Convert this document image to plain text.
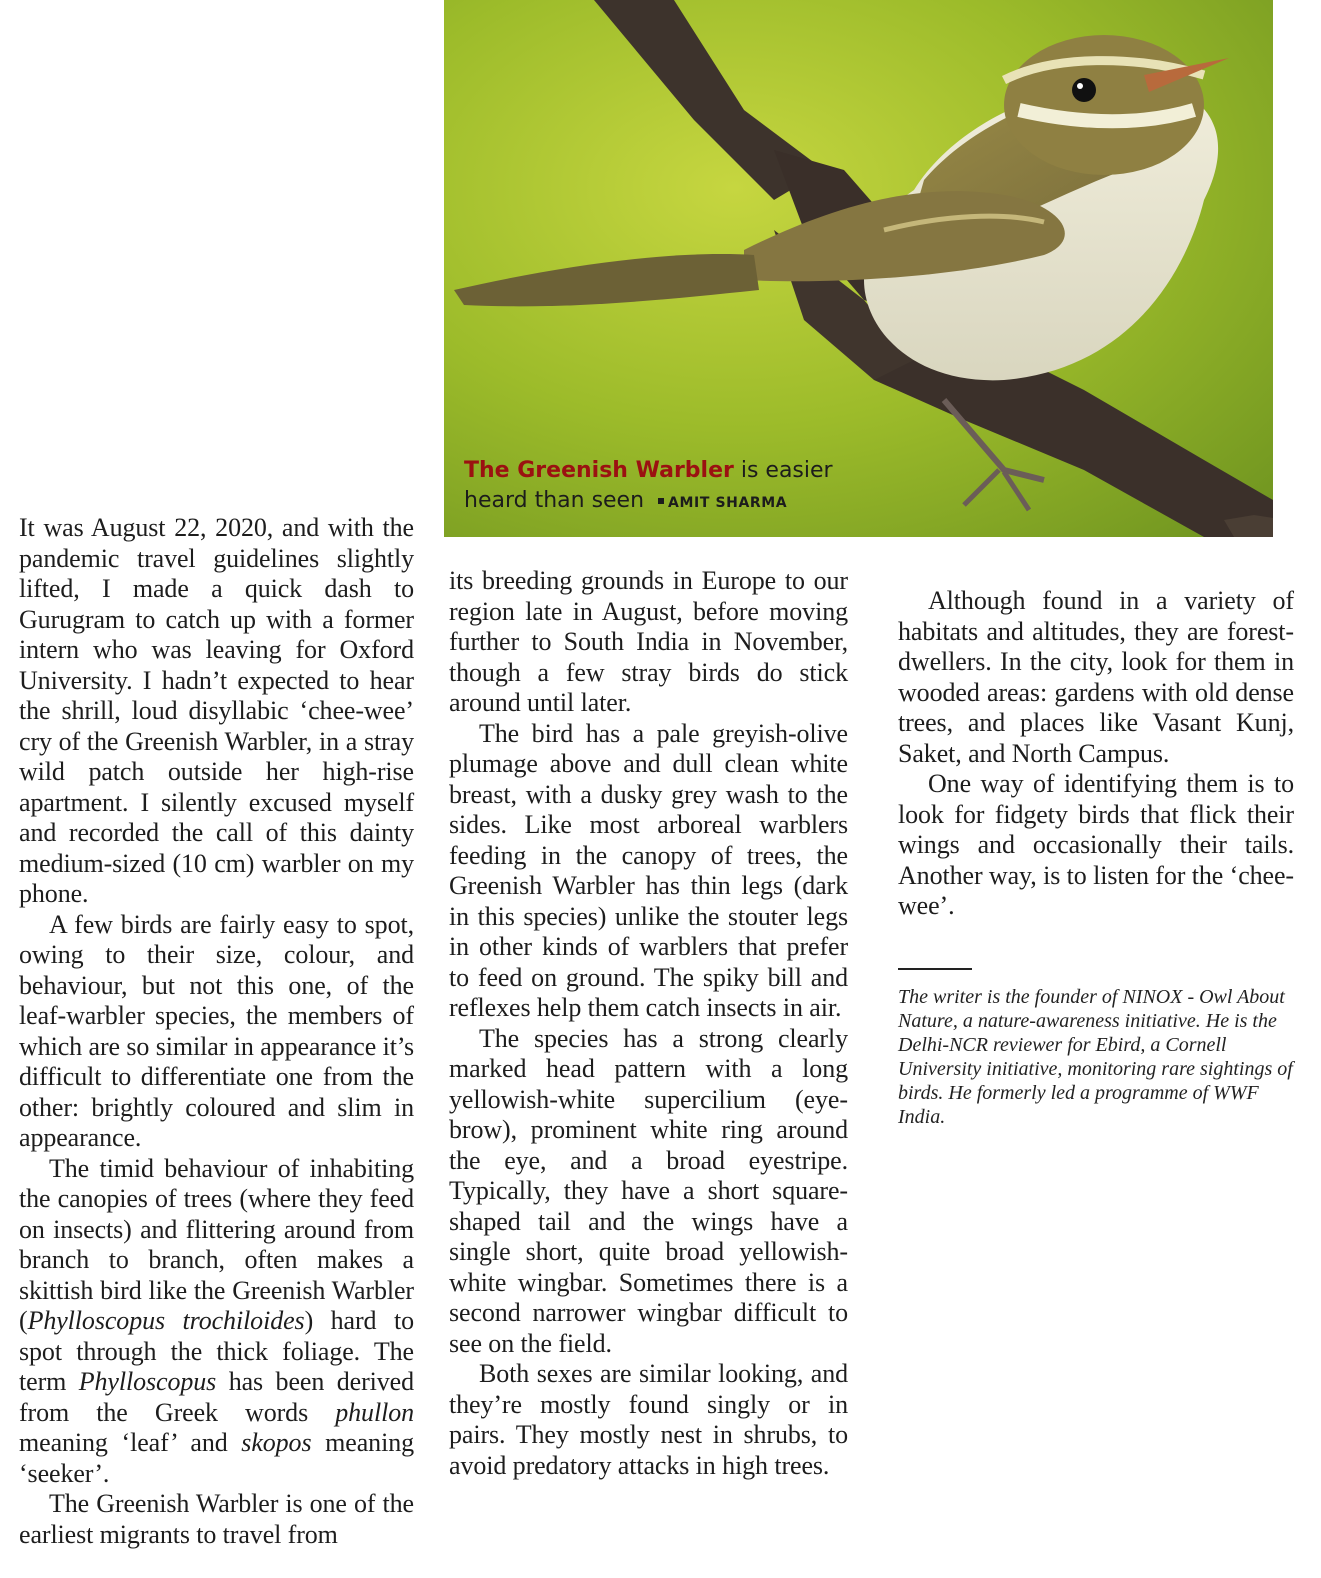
The Greenish Warbler is easier
heard than seen AMIT SHARMA

It was August 22, 2020, and with the pandemic travel guidelines slightly lifted, I made a quick dash to Gurugram to catch up with a former intern who was leaving for Oxford University. I hadn’t expected to hear the shrill, loud disyllabic ‘chee-wee’ cry of the Greenish Warbler, in a stray wild patch outside her high-rise apartment. I silently excused myself and recorded the call of this dainty medium-sized (10 cm) warbler on my phone.

A few birds are fairly easy to spot, owing to their size, colour, and behaviour, but not this one, of the leaf-warbler species, the members of which are so similar in appearance it’s difficult to differentiate one from the other: brightly coloured and slim in appearance.

The timid behaviour of inhabiting the canopies of trees (where they feed on insects) and flittering around from branch to branch, often makes a skittish bird like the Greenish Warbler (Phylloscopus trochiloides) hard to spot through the thick foliage. The term Phylloscopus has been derived from the Greek words phullon meaning ‘leaf’ and skopos meaning ‘seeker’.

The Greenish Warbler is one of the earliest migrants to travel from

its breeding grounds in Europe to our region late in August, before moving further to South India in November, though a few stray birds do stick around until later.

The bird has a pale greyish-olive plumage above and dull clean white breast, with a dusky grey wash to the sides. Like most arboreal warblers feeding in the canopy of trees, the Greenish Warbler has thin legs (dark in this species) unlike the stouter legs in other kinds of warblers that prefer to feed on ground. The spiky bill and reflexes help them catch insects in air.

The species has a strong clearly marked head pattern with a long yellowish-white supercilium (eyebrow), prominent white ring around the eye, and a broad eyestripe. Typically, they have a short square-shaped tail and the wings have a single short, quite broad yellowish-white wingbar. Sometimes there is a second narrower wingbar difficult to see on the field.

Both sexes are similar looking, and they’re mostly found singly or in pairs. They mostly nest in shrubs, to avoid predatory attacks in high trees.

Although found in a variety of habitats and altitudes, they are forest-dwellers. In the city, look for them in wooded areas: gardens with old dense trees, and places like Vasant Kunj, Saket, and North Campus.

One way of identifying them is to look for fidgety birds that flick their wings and occasionally their tails. Another way, is to listen for the ‘chee-wee’.

The writer is the founder of NINOX - Owl About Nature, a nature-awareness initiative. He is the Delhi-NCR reviewer for Ebird, a Cornell University initiative, monitoring rare sightings of birds. He formerly led a programme of WWF India.
